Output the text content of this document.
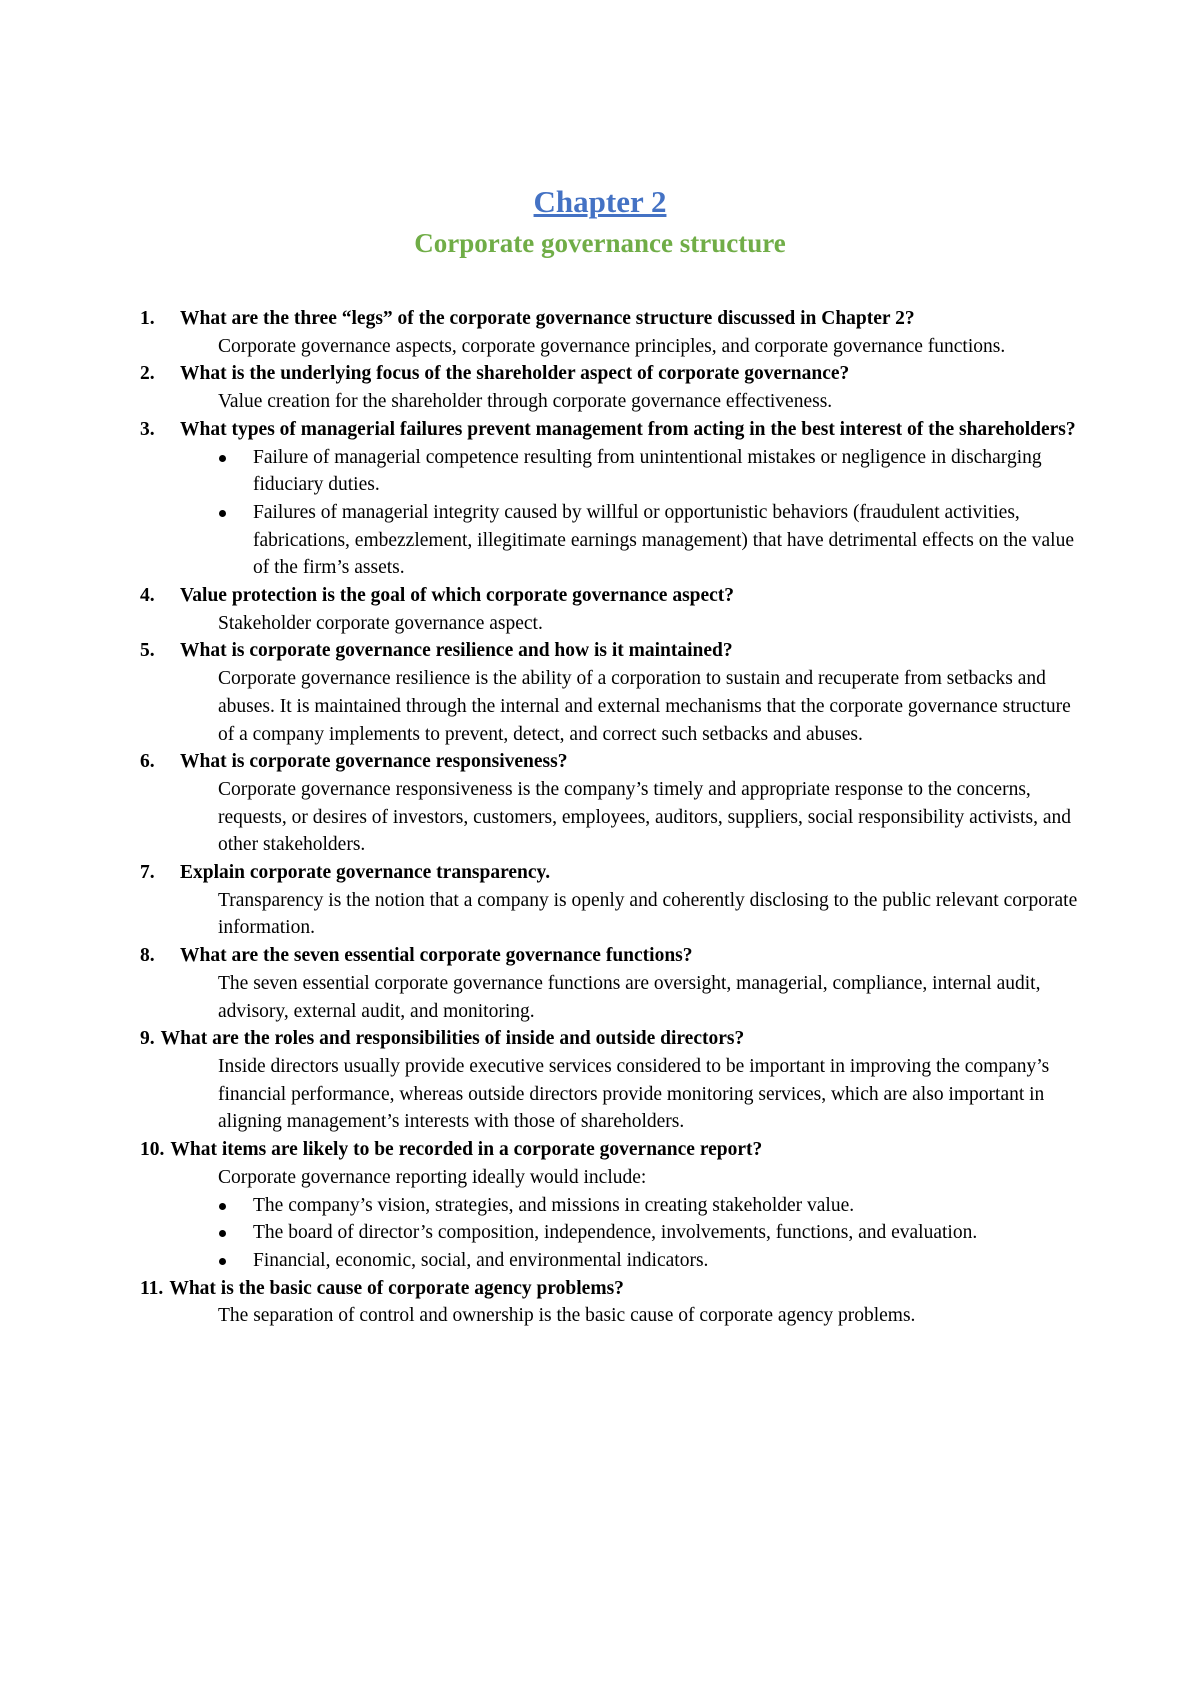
Chapter 2
Corporate governance structure
1.	What are the three “legs” of the corporate governance structure discussed in Chapter 2?
Corporate governance aspects, corporate governance principles, and corporate governance functions.
2.	What is the underlying focus of the shareholder aspect of corporate governance?
Value creation for the shareholder through corporate governance effectiveness.
3.	What types of managerial failures prevent management from acting in the best interest of the shareholders?
Failure of managerial competence resulting from unintentional mistakes or negligence in discharging fiduciary duties.
Failures of managerial integrity caused by willful or opportunistic behaviors (fraudulent activities, fabrications, embezzlement, illegitimate earnings management) that have detrimental effects on the value of the firm’s assets.
4.	Value protection is the goal of which corporate governance aspect?
Stakeholder corporate governance aspect.
5.	What is corporate governance resilience and how is it maintained?
Corporate governance resilience is the ability of a corporation to sustain and recuperate from setbacks and abuses. It is maintained through the internal and external mechanisms that the corporate governance structure of a company implements to prevent, detect, and correct such setbacks and abuses.
6.	What is corporate governance responsiveness?
Corporate governance responsiveness is the company’s timely and appropriate response to the concerns, requests, or desires of investors, customers, employees, auditors, suppliers, social responsibility activists, and other stakeholders.
7.	Explain corporate governance transparency.
Transparency is the notion that a company is openly and coherently disclosing to the public relevant corporate information.
8.	What are the seven essential corporate governance functions?
The seven essential corporate governance functions are oversight, managerial, compliance, internal audit, advisory, external audit, and monitoring.
9. What are the roles and responsibilities of inside and outside directors?
Inside directors usually provide executive services considered to be important in improving the company’s financial performance, whereas outside directors provide monitoring services, which are also important in aligning management’s interests with those of shareholders.
10. What items are likely to be recorded in a corporate governance report?
Corporate governance reporting ideally would include:
The company’s vision, strategies, and missions in creating stakeholder value.
The board of director’s composition, independence, involvements, functions, and evaluation.
Financial, economic, social, and environmental indicators.
11. What is the basic cause of corporate agency problems?
The separation of control and ownership is the basic cause of corporate agency problems.
